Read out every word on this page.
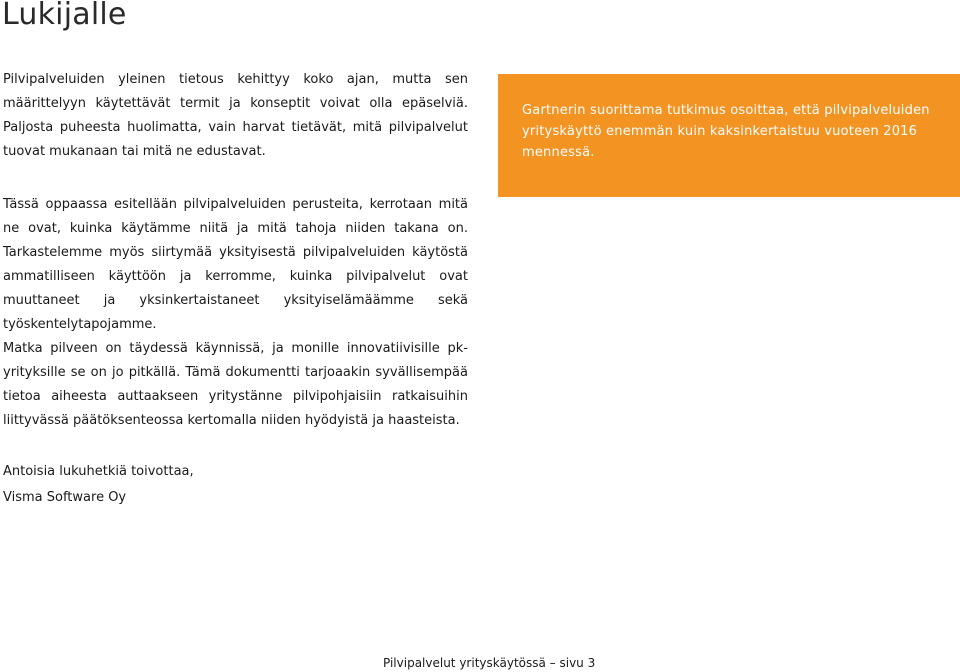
Lukijalle

Pilvipalveluiden yleinen tietous kehittyy koko ajan, mutta sen määrittelyyn käytettävät termit ja konseptit voivat olla epäselviä. Paljosta puheesta huolimatta, vain harvat tietävät, mitä pilvipalvelut tuovat mukanaan tai mitä ne edustavat.

Tässä oppaassa esitellään pilvipalveluiden perusteita, kerrotaan mitä ne ovat, kuinka käytämme niitä ja mitä tahoja niiden takana on. Tarkastelemme myös siirtymää yksityisestä pilvipalveluiden käytöstä ammatilliseen käyttöön ja kerromme, kuinka pilvipalvelut ovat muuttaneet ja yksinkertaistaneet yksityiselämäämme sekä työskentelytapojamme.

Matka pilveen on täydessä käynnissä, ja monille innovatiivisille pk-yrityksille se on jo pitkällä. Tämä dokumentti tarjoaakin syvällisempää tietoa aiheesta auttaakseen yritystänne pilvipohjaisiin ratkaisuihin liittyvässä päätöksenteossa kertomalla niiden hyödyistä ja haasteista.

Antoisia lukuhetkiä toivottaa,
Visma Software Oy

Gartnerin suorittama tutkimus osoittaa, että pilvipalveluiden yrityskäyttö enemmän kuin kaksinkertaistuu vuoteen 2016 mennessä.

Pilvipalvelut yrityskäytössä – sivu 3
